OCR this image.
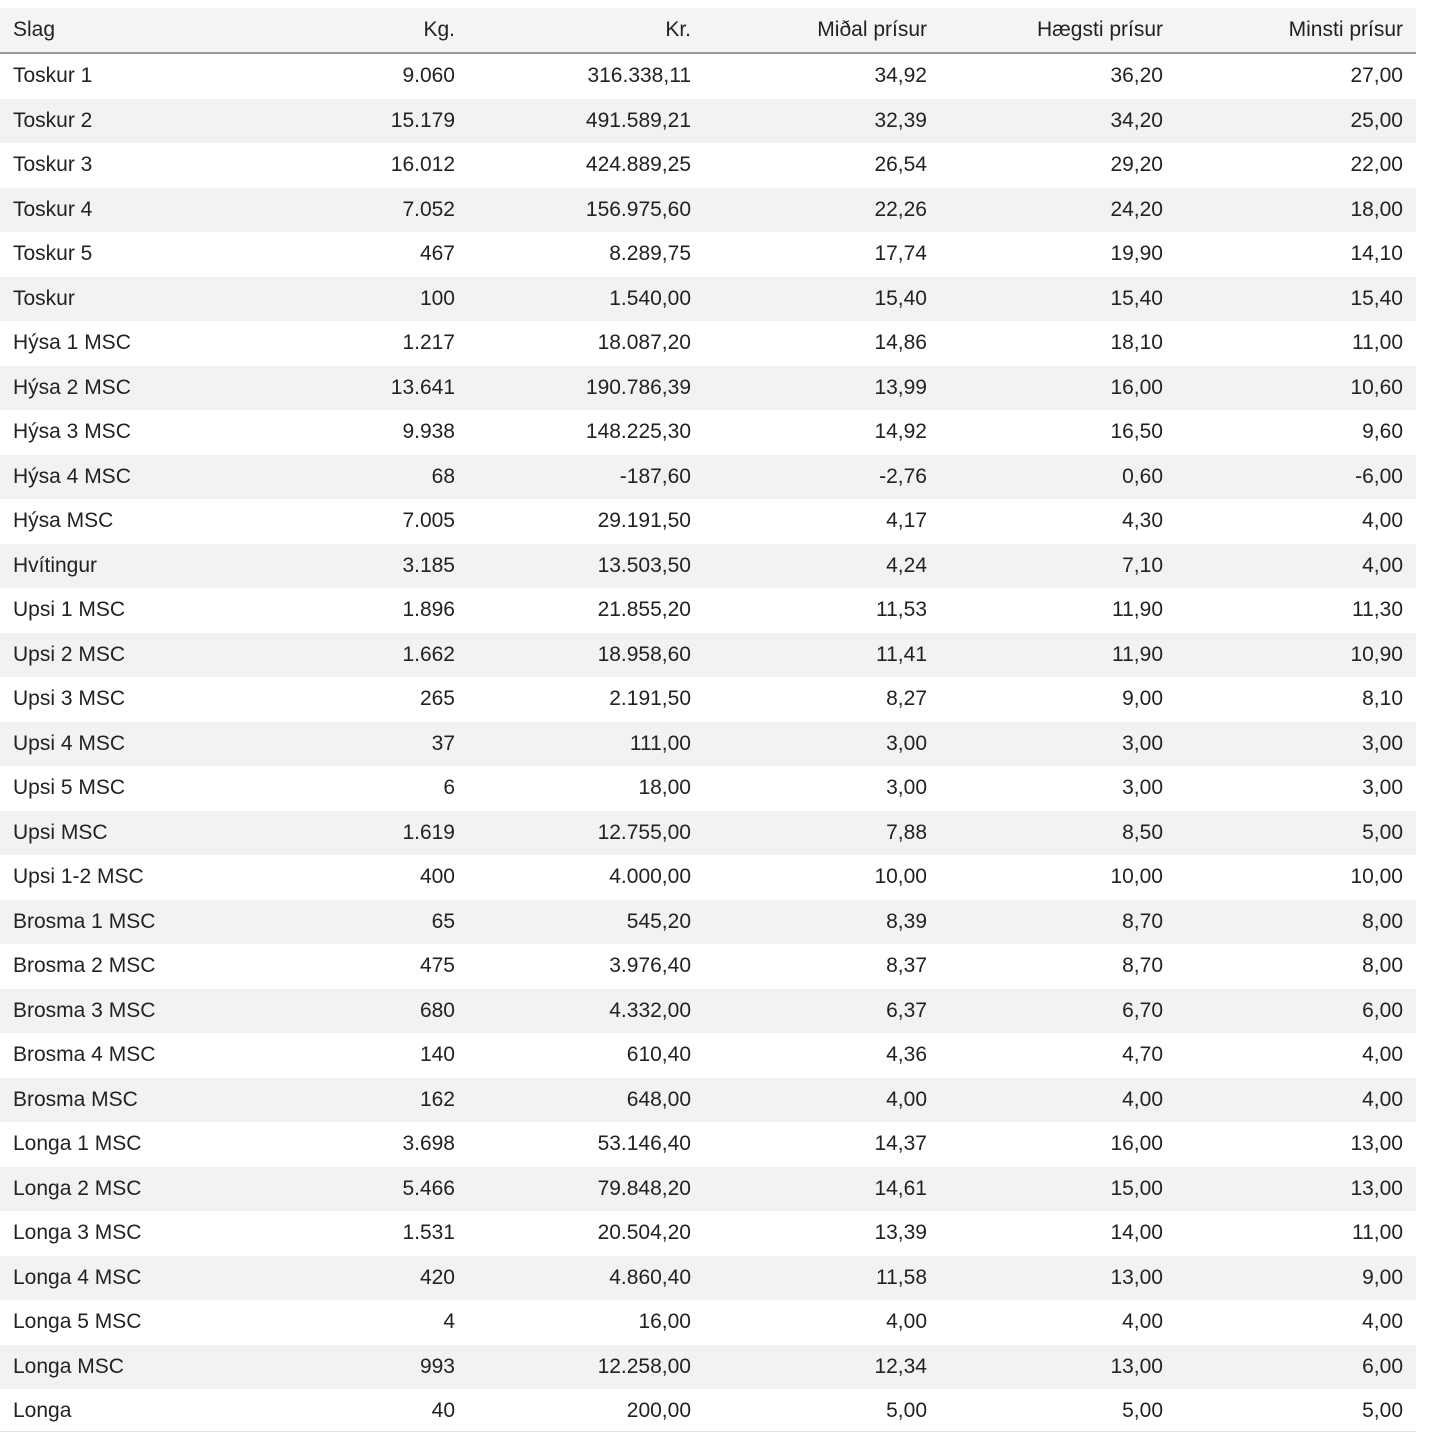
Slag	Kg.	Kr.	Miðal prísur	Hægsti prísur	Minsti prísur
Toskur 1	9.060	316.338,11	34,92	36,20	27,00
Toskur 2	15.179	491.589,21	32,39	34,20	25,00
Toskur 3	16.012	424.889,25	26,54	29,20	22,00
Toskur 4	7.052	156.975,60	22,26	24,20	18,00
Toskur 5	467	8.289,75	17,74	19,90	14,10
Toskur	100	1.540,00	15,40	15,40	15,40
Hýsa 1 MSC	1.217	18.087,20	14,86	18,10	11,00
Hýsa 2 MSC	13.641	190.786,39	13,99	16,00	10,60
Hýsa 3 MSC	9.938	148.225,30	14,92	16,50	9,60
Hýsa 4 MSC	68	-187,60	-2,76	0,60	-6,00
Hýsa MSC	7.005	29.191,50	4,17	4,30	4,00
Hvítingur	3.185	13.503,50	4,24	7,10	4,00
Upsi 1 MSC	1.896	21.855,20	11,53	11,90	11,30
Upsi 2 MSC	1.662	18.958,60	11,41	11,90	10,90
Upsi 3 MSC	265	2.191,50	8,27	9,00	8,10
Upsi 4 MSC	37	111,00	3,00	3,00	3,00
Upsi 5 MSC	6	18,00	3,00	3,00	3,00
Upsi MSC	1.619	12.755,00	7,88	8,50	5,00
Upsi 1-2 MSC	400	4.000,00	10,00	10,00	10,00
Brosma 1 MSC	65	545,20	8,39	8,70	8,00
Brosma 2 MSC	475	3.976,40	8,37	8,70	8,00
Brosma 3 MSC	680	4.332,00	6,37	6,70	6,00
Brosma 4 MSC	140	610,40	4,36	4,70	4,00
Brosma MSC	162	648,00	4,00	4,00	4,00
Longa 1 MSC	3.698	53.146,40	14,37	16,00	13,00
Longa 2 MSC	5.466	79.848,20	14,61	15,00	13,00
Longa 3 MSC	1.531	20.504,20	13,39	14,00	11,00
Longa 4 MSC	420	4.860,40	11,58	13,00	9,00
Longa 5 MSC	4	16,00	4,00	4,00	4,00
Longa MSC	993	12.258,00	12,34	13,00	6,00
Longa	40	200,00	5,00	5,00	5,00
